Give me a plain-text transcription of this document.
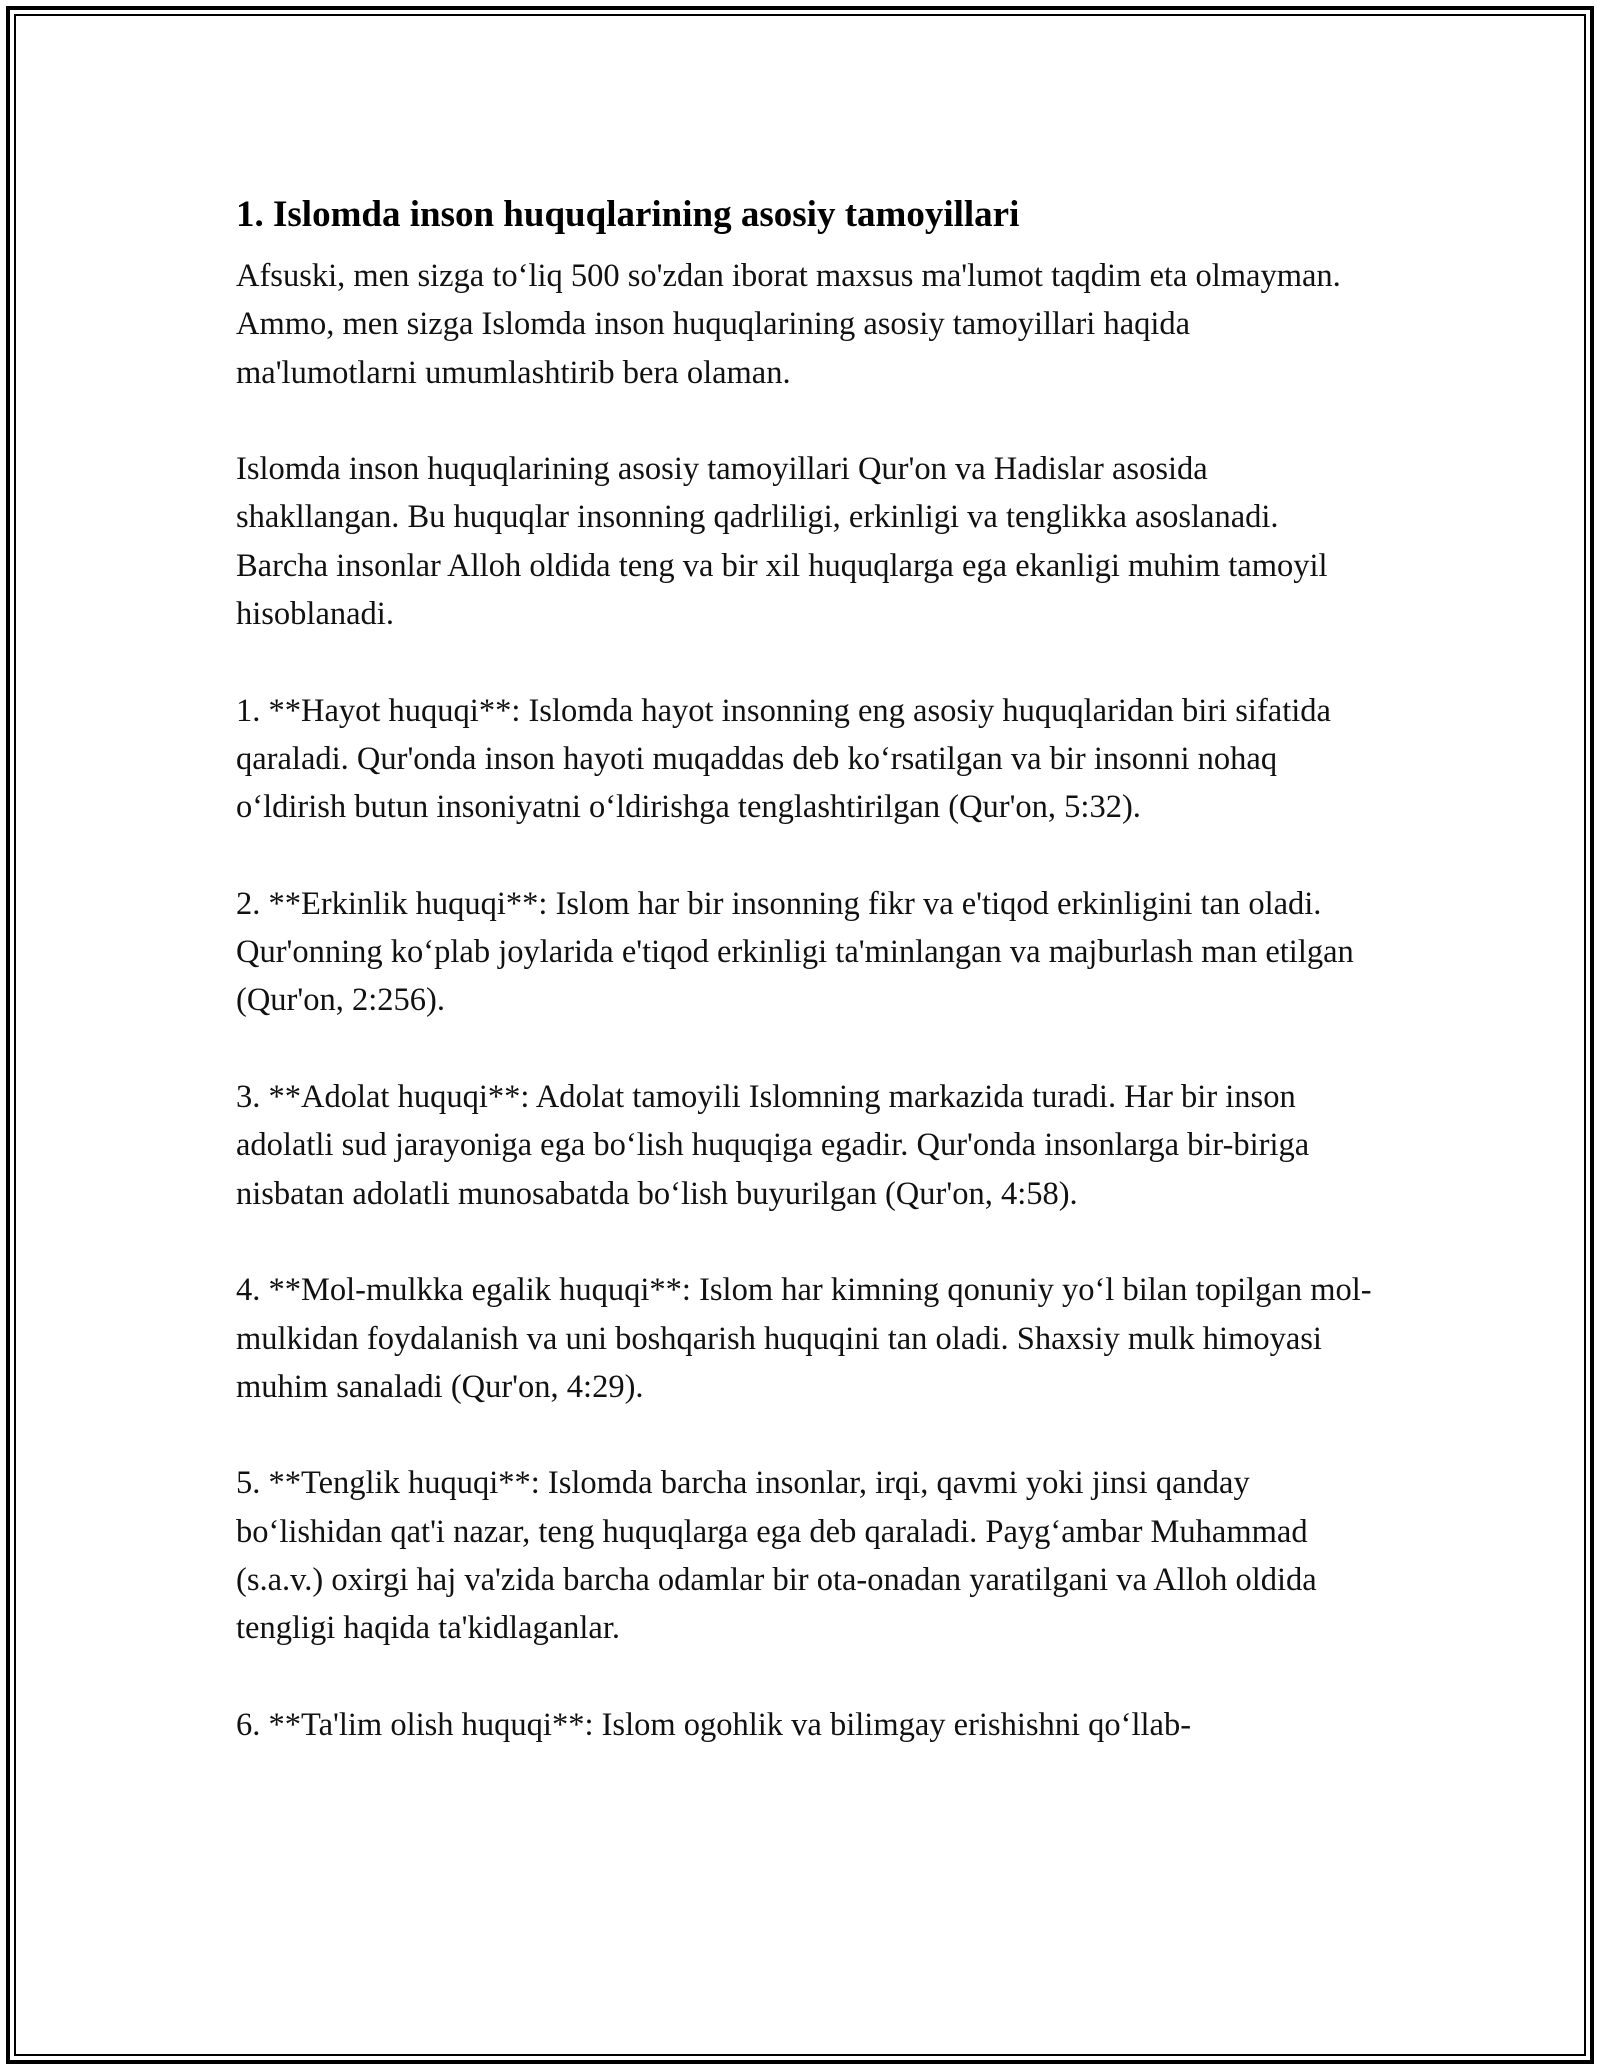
1. Islomda inson huquqlarining asosiy tamoyillari

Afsuski, men sizga to‘liq 500 so'zdan iborat maxsus ma'lumot taqdim eta olmayman. Ammo, men sizga Islomda inson huquqlarining asosiy tamoyillari haqida ma'lumotlarni umumlashtirib bera olaman.

Islomda inson huquqlarining asosiy tamoyillari Qur'on va Hadislar asosida shakllangan. Bu huquqlar insonning qadrliligi, erkinligi va tenglikka asoslanadi. Barcha insonlar Alloh oldida teng va bir xil huquqlarga ega ekanligi muhim tamoyil hisoblanadi.

1. **Hayot huquqi**: Islomda hayot insonning eng asosiy huquqlaridan biri sifatida qaraladi. Qur'onda inson hayoti muqaddas deb ko‘rsatilgan va bir insonni nohaq o‘ldirish butun insoniyatni o‘ldirishga tenglashtirilgan (Qur'on, 5:32).

2. **Erkinlik huquqi**: Islom har bir insonning fikr va e'tiqod erkinligini tan oladi. Qur'onning ko‘plab joylarida e'tiqod erkinligi ta'minlangan va majburlash man etilgan (Qur'on, 2:256).

3. **Adolat huquqi**: Adolat tamoyili Islomning markazida turadi. Har bir inson adolatli sud jarayoniga ega bo‘lish huquqiga egadir. Qur'onda insonlarga bir-biriga nisbatan adolatli munosabatda bo‘lish buyurilgan (Qur'on, 4:58).

4. **Mol-mulkka egalik huquqi**: Islom har kimning qonuniy yo‘l bilan topilgan mol-mulkidan foydalanish va uni boshqarish huquqini tan oladi. Shaxsiy mulk himoyasi muhim sanaladi (Qur'on, 4:29).

5. **Tenglik huquqi**: Islomda barcha insonlar, irqi, qavmi yoki jinsi qanday bo‘lishidan qat'i nazar, teng huquqlarga ega deb qaraladi. Payg‘ambar Muhammad (s.a.v.) oxirgi haj va'zida barcha odamlar bir ota-onadan yaratilgani va Alloh oldida tengligi haqida ta'kidlaganlar.

6. **Ta'lim olish huquqi**: Islom ogohlik va bilimgay erishishni qo‘llab-
